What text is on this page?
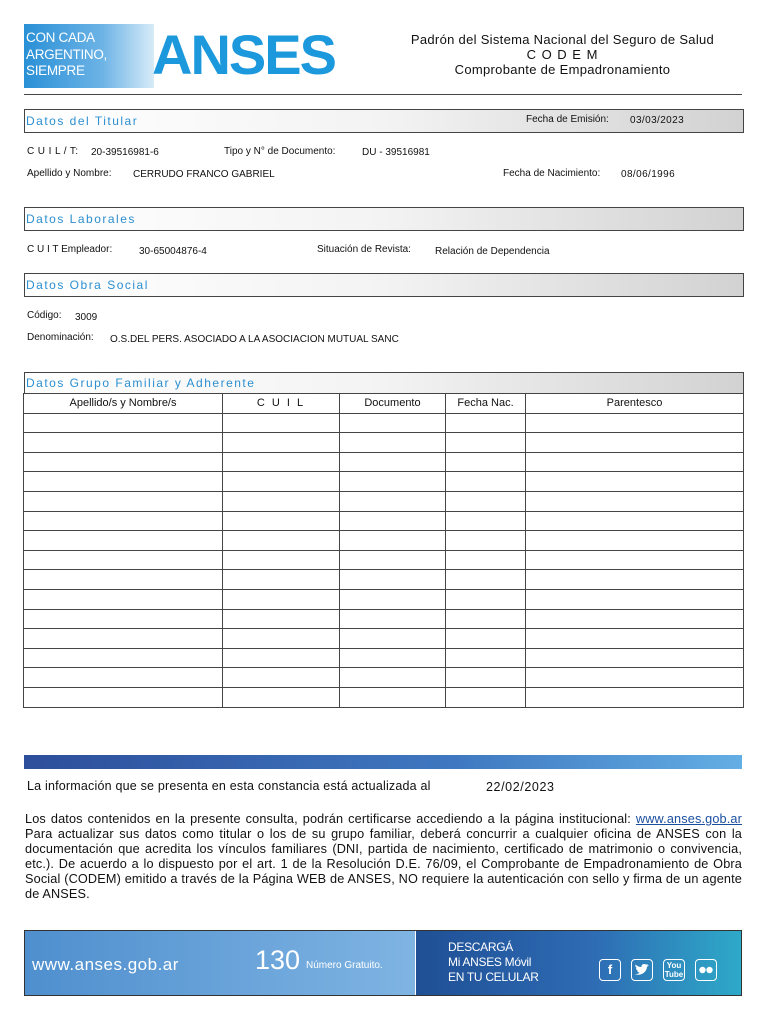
CON CADA
ARGENTINO,
SIEMPRE	ANSES	Padrón del Sistema Nacional del Seguro de Salud
C O D E M
Comprobante de Empadronamiento
Datos del Titular	Fecha de Emisión: 03/03/2023
C U I L / T: 20-39516981-6	Tipo y N° de Documento:	DU - 39516981
Apellido y Nombre: CERRUDO FRANCO GABRIEL	Fecha de Nacimiento: 08/06/1996
Datos Laborales
C U I T Empleador:	30-65004876-4	Situación de Revista: Relación de Dependencia
Datos Obra Social
Código: 3009
Denominación: O.S.DEL PERS. ASOCIADO A LA ASOCIACION MUTUAL SANC
Datos Grupo Familiar y Adherente
Apellido/s y Nombre/s	C U I L	Documento	Fecha Nac.	Parentesco

La información que se presenta en esta constancia está actualizada al	22/02/2023
Los datos contenidos en la presente consulta, podrán certificarse accediendo a la página institucional: www.anses.gob.ar Para actualizar sus datos como titular o los de su grupo familiar, deberá concurrir a cualquier oficina de ANSES con la documentación que acredita los vínculos familiares (DNI, partida de nacimiento, certificado de matrimonio o convivencia, etc.). De acuerdo a lo dispuesto por el art. 1 de la Resolución D.E. 76/09, el Comprobante de Empadronamiento de Obra Social (CODEM) emitido a través de la Página WEB de ANSES, NO requiere la autenticación con sello y firma de un agente de ANSES.
www.anses.gob.ar	130 Número Gratuito.
DESCARGÁ
Mi ANSES Móvil
EN TU CELULAR	f	You
Tube
